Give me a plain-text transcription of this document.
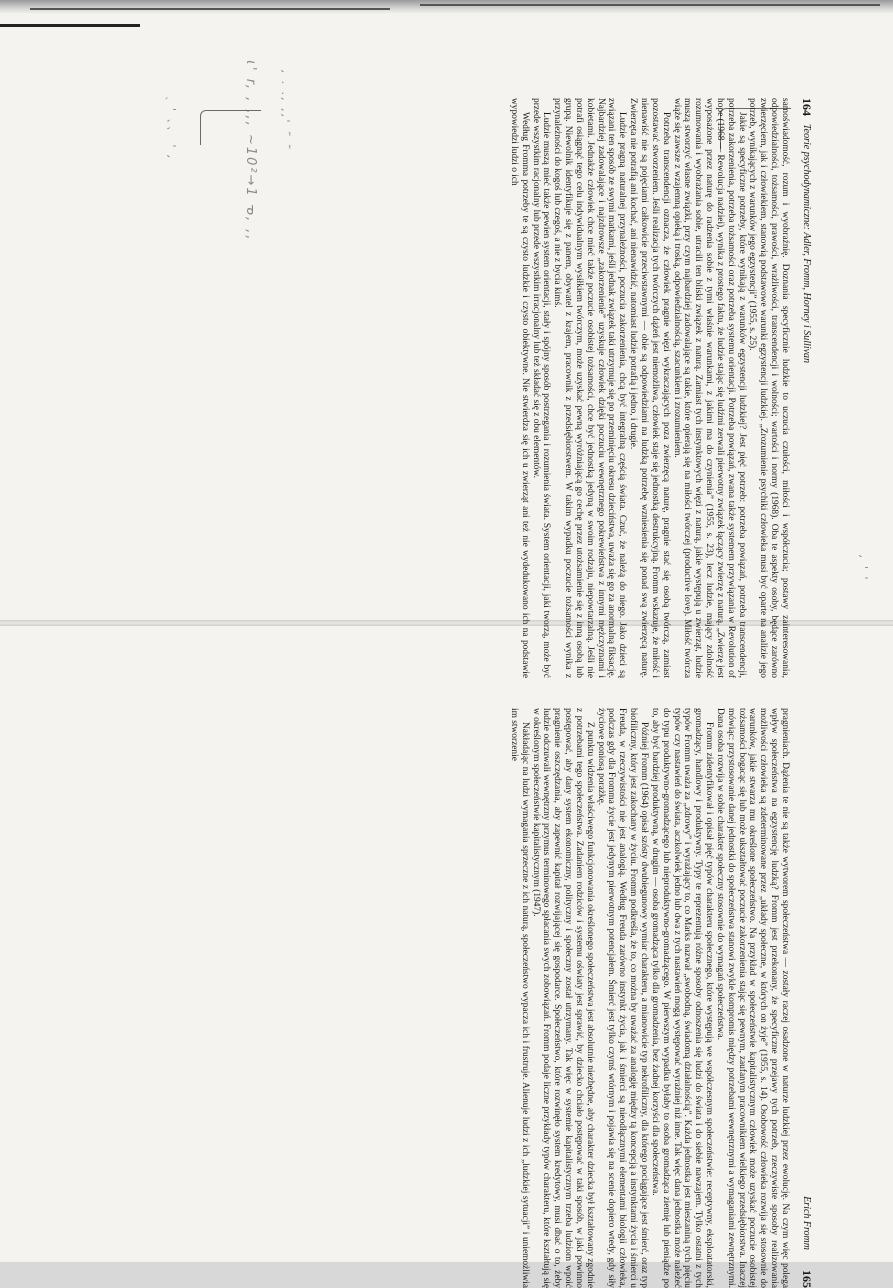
ɩ' r, , ,,, ~10²→1 ᓀ, ,, , . ., ,,' ˜ ˜
ˎ ' 、、 ' ,
, ' '
164
Teorie psychodynamiczne: Adler, Fromm, Horney i Sullivan

samoświadomość, rozum i wyobraźnię. Doznania specyficznie ludzkie to uczucia czułości, miłości i współczucia; postawy zainteresowania, odpowiedzialności, tożsamości, prawości, wrażliwości, transcendencji i wolności; wartości i normy (1968). Oba te aspekty osoby, będące zarówno zwierzęciem, jak i człowiekiem, stanowią podstawowe warunki egzystencji ludzkiej. „Zrozumienie psychiki człowieka musi być oparte na analizie jego potrzeb, wynikających z warunków jego egzystencji” (1955, s. 25).

Jakie są specyficzne potrzeby, które wynikają z warunków egzystencji ludzkiej? Jest pięć potrzeb: potrzeba powiązań, potrzeba transcendencji, potrzeba zakorzenienia, potrzeba tożsamości oraz potrzeba systemu orientacji. Potrzeba powiązań, zwana także systemem przywiązania w Revolution of hope (1968 — Rewolucja nadziei), wynika z prostego faktu, że ludzie stając się ludźmi zerwali pierwotny związek łączący zwierzę z naturą. „Zwierzę jest wyposażone przez naturę do radzenia sobie z tymi właśnie warunkami, z jakimi ma do czynienia” (1955, s. 23), lecz ludzie, mający zdolność rozumowania i wyobrażania sobie, utracili ten bliski związek z naturą. Zamiast tych instynktowych więzi z naturą, jakie występują u zwierząt, ludzie muszą stworzyć własne związki, przy czym najbardziej zadowalające są takie, które opierają się na miłości twórczej (productive love). Miłość twórcza wiąże się zawsze z wzajemną opieką i troską, odpowiedzialnością, szacunkiem i zrozumieniem.

Potrzeba transcendencji oznacza, że człowiek pragnie więzi wykraczających poza zwierzęcą naturę, pragnie stać się osobą twórczą, zamiast pozostawać stworzeniem. Jeśli realizacja tych twórczych dążeń jest niemożliwa, człowiek staje się jednostką destrukcyjną. Fromm wskazuje, że miłość i nienawiść nie są pojęciami całkowicie przeciwstawnymi — obie są odpowiedziami na ludzką potrzebę wzniesienia się ponad swą zwierzęcą naturę. Zwierzęta nie potrafią ani kochać, ani nienawidzić, natomiast ludzie potrafią i jedno, i drugie.

Ludzie pragną naturalnej przynależności, poczucia zakorzenienia, chcą być integralną częścią świata. Czuć, że należą do niego. Jako dzieci są związani ten sposób ze swymi matkami, jeśli jednak związek taki utrzymuje się po przeminięciu okresu dzieciństwa, uważa się go za anormalną fiksację. Najbardziej zadowalające i najzdrowsze „zakorzenienie” uzyskuje człowiek dzięki poczuciu wewnętrznego pokrewieństwa z innymi mężczyznami i kobietami. Jednakże człowiek chce mieć także poczucie osobistej tożsamości, chce być jednostką jedyną w swoim rodzaju, niepowtarzalną. Jeśli nie potrafi osiągnąć tego celu indywidualnym wysiłkiem twórczym, może uzyskać pewną wyróżniającą go cechę przez utożsamienie się z inną osobą lub grupą. Niewolnik identyfikuje się z panem, obywatel z krajem, pracownik z przedsiębiorstwem. W takim wypadku poczucie tożsamości wynika z przynależności do kogoś lub czegoś, a nie z bycia kimś.

Ludzie muszą mieć także pewien system orientacji, stały i spójny sposób postrzegania i rozumienia świata. System orientacji, jaki tworzą, może być przede wszystkim racjonalny lub przede wszystkim irracjonalny lub też składać się z obu elementów.

Według Fromma potrzeby te są czysto ludzkie i czysto obiektywne. Nie stwierdza się ich u zwierząt ani też nie wydedukowano ich na podstawie wypowiedzi ludzi o ich

Erich Fromm
165

pragnieniach. Dążenia te nie są także wytworem społeczeństwa — zostały raczej osadzone w naturze ludzkiej przez ewolucję. Na czym więc polega wpływ społeczeństwa na egzystencję ludzką? Fromm jest przekonany, że specyficzne przejawy tych potrzeb, rzeczywiste sposoby realizowania możliwości człowieka są zdeterminowane przez „układy społeczne, w których on żyje” (1955, s. 14). Osobowość człowieka rozwija się stosownie do warunków, jakie stwarza mu określone społeczeństwo. Na przykład w społeczeństwie kapitalistycznym człowiek może uzyskać poczucie osobistej tożsamości bogacąc się lub może ukształtować poczucie zakorzenienia stając się pewnym, zaufanym pracownikiem wielkiego przedsiębiorstwa. Inaczej mówiąc: przystosowanie danej jednostki do społeczeństwa stanowi zwykle kompromis między potrzebami wewnętrznymi a wymaganiami zewnętrznymi. Dana osoba rozwija w sobie charakter społeczny stosownie do wymagań społeczeństwa.

Fromm zidentyfikował i opisał pięć typów charakteru społecznego, które występują we współczesnym społeczeństwie: receptywny, eksploatatorski, gromadzący, handlowy i produktywny. Typy te reprezentują różne sposoby odnoszenia się ludzi do świata i do siebie nawzajem. Tylko ostatni z tych typów Fromm uważa za „zdrowy” i wyrażający to, co Marks nazwał „swobodną, świadomą działalnością”. Każda jednostka jest mieszaniną tych pięciu typów czy nastawień do świata, aczkolwiek jedno lub dwa z tych nastawień mogą występować wyraźniej niż inne. Tak więc dana jednostka może należeć do typu produktywno-gromadzącego lub nieproduktywno-gromadzącego. W pierwszym wypadku byłaby to osoba gromadząca ziemię lub pieniądze po to, aby być bardziej produktywną, w drugim — osoba gromadząca tylko dla gromadzenia, bez żadnej korzyści dla społeczeństwa.

Później Fromm (1964) opisał szósty dwubiegunowy wymiar charakteru, a mianowicie typ nekrofiliczny, dla którego pociągające jest śmierć, oraz typ biofiliczny, który jest zakochany w życiu. Fromm podkreśla, że to, co można by uważać za analogię między tą koncepcją a instynktami życia i śmierci u Freuda, w rzeczywistości nie jest analogią. Według Freuda zarówno instynkt życia, jak i śmierci są nieodłącznymi elementami biologii człowieka, podczas gdy dla Fromma życie jest jedynym pierwotnym potencjałem. Śmierć jest tylko czymś wtórnym i pojawia się na scenie dopiero wtedy, gdy siły życiowe poniosą porażkę.

Z punktu widzenia właściwego funkcjonowania określonego społeczeństwa jest absolutnie niezbędne, aby charakter dziecka był kształtowany zgodnie z potrzebami tego społeczeństwa. Zadaniem rodziców i systemu oświaty jest sprawić, by dziecko chciało postępować w taki sposób, w jaki powinno postępować, aby dany system ekonomiczny, polityczny i społeczny został utrzymany. Tak więc w systemie kapitalistycznym trzeba ludziom wpoić pragnienie oszczędzania, aby zapewnić kapitał rozwijającej się gospodarce. Społeczeństwo, które rozwinęło system kredytowy, musi dbać o to, żeby ludzie odczuwali wewnętrzny przymus terminowego spłacania swych zobowiązań. Fromm podaje liczne przykłady typów charakteru, które kształtują się w określonym społeczeństwie kapitalistycznym (1947).

Nakładając na ludzi wymagania sprzeczne z ich naturą, społeczeństwo wypacza ich i frustruje. Alienuje ludzi z ich „ludzkiej sytuacji” i uniemożliwia im stworzenie
